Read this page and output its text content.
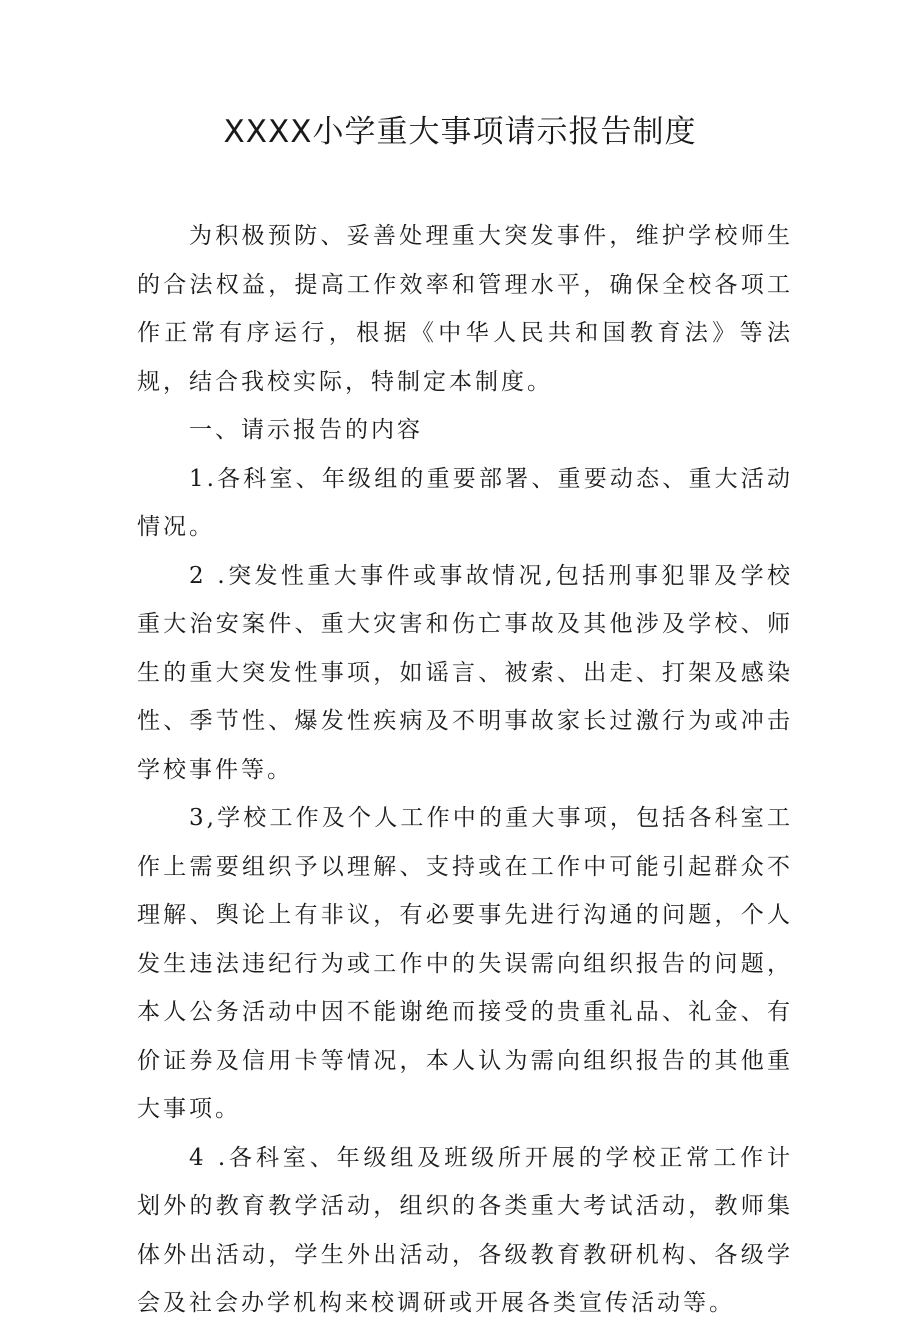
XXXX小学重大事项请示报告制度

为积极预防、妥善处理重大突发事件，维护学校师生的合法权益，提高工作效率和管理水平，确保全校各项工作正常有序运行，根据《中华人民共和国教育法》等法规，结合我校实际，特制定本制度。

一、请示报告的内容

1.各科室、年级组的重要部署、重要动态、重大活动情况。

2 .突发性重大事件或事故情况,包括刑事犯罪及学校重大治安案件、重大灾害和伤亡事故及其他涉及学校、师生的重大突发性事项，如谣言、被索、出走、打架及感染性、季节性、爆发性疾病及不明事故家长过激行为或冲击学校事件等。

3,学校工作及个人工作中的重大事项，包括各科室工作上需要组织予以理解、支持或在工作中可能引起群众不理解、舆论上有非议，有必要事先进行沟通的问题，个人发生违法违纪行为或工作中的失误需向组织报告的问题，本人公务活动中因不能谢绝而接受的贵重礼品、礼金、有价证券及信用卡等情况，本人认为需向组织报告的其他重大事项。

4 .各科室、年级组及班级所开展的学校正常工作计划外的教育教学活动，组织的各类重大考试活动，教师集体外出活动，学生外出活动，各级教育教研机构、各级学会及社会办学机构来校调研或开展各类宣传活动等。
